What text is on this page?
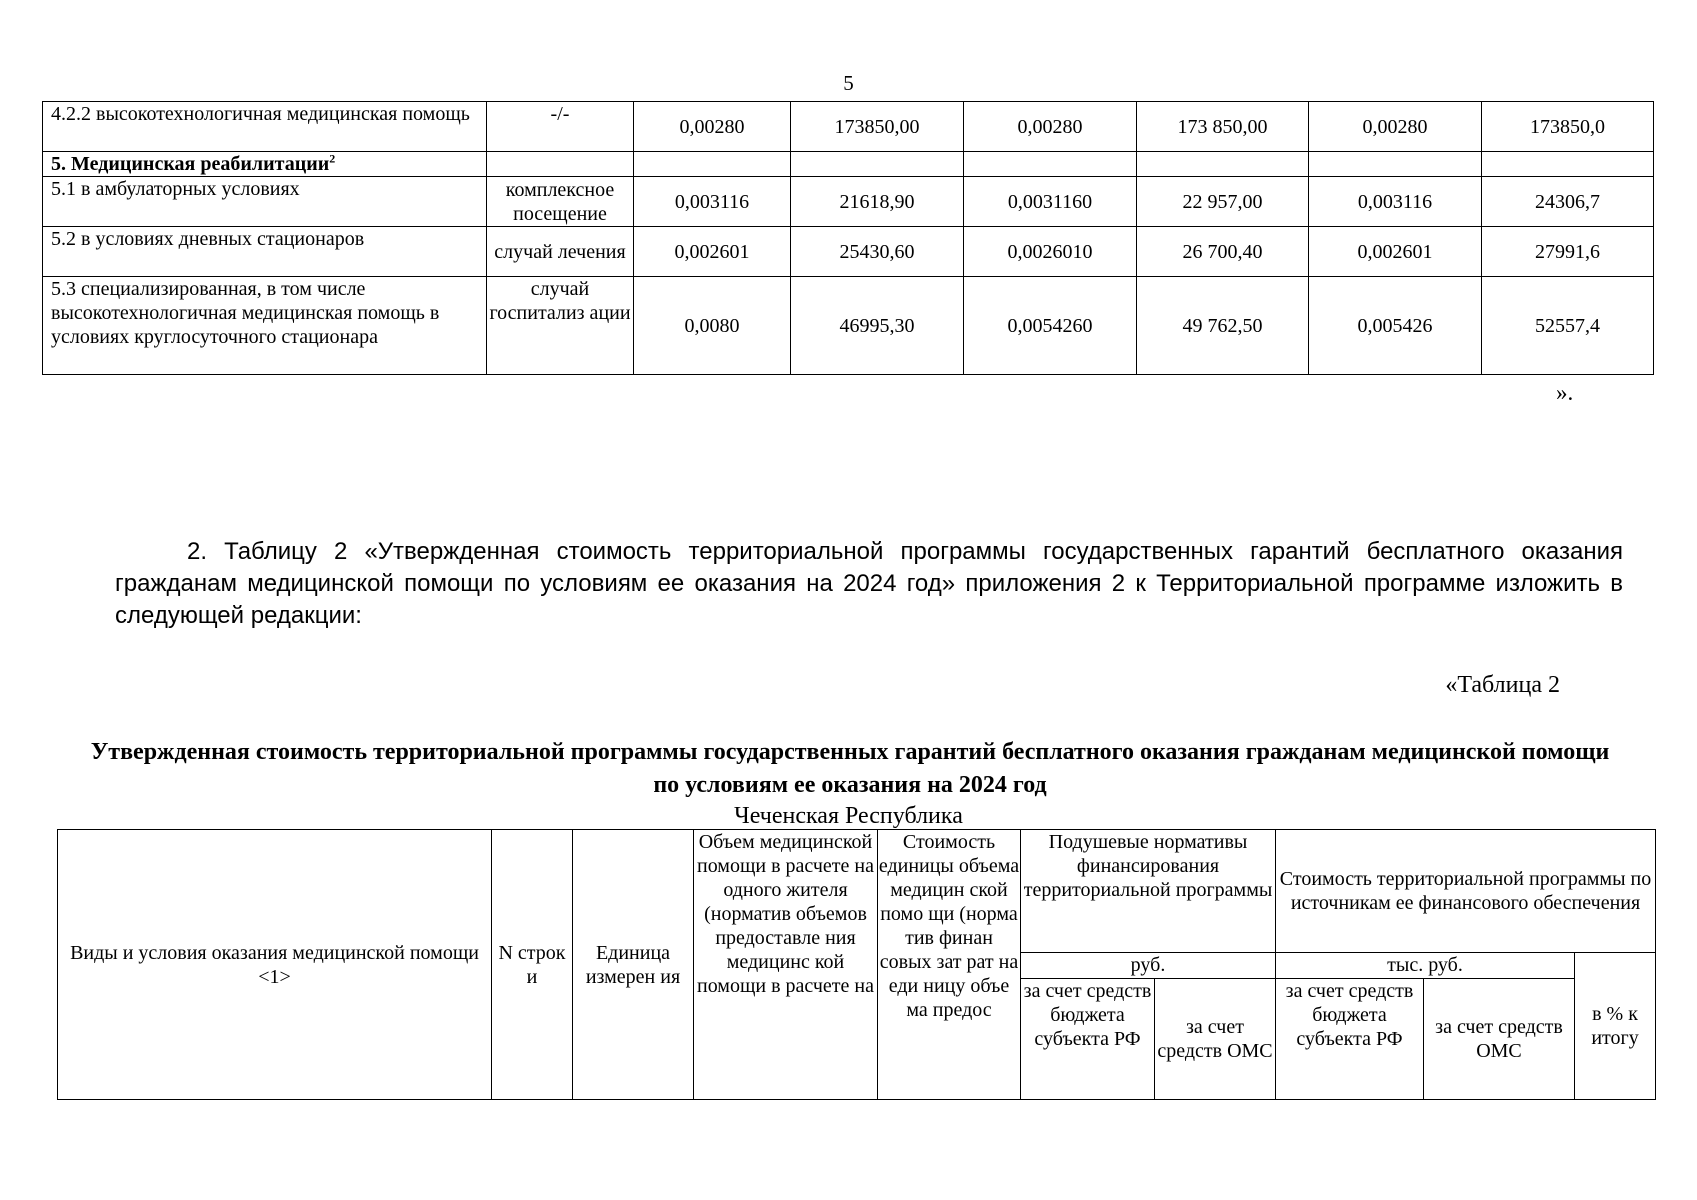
5
4.2.2 высокотехнологичная медицинская помощь	-/-	0,00280	173850,00	0,00280	173 850,00	0,00280	173850,0
5. Медицинская реабилитации$^2$							
5.1 в амбулаторных условиях	комплексное посещение	0,003116	21618,90	0,0031160	22 957,00	0,003116	24306,7
5.2 в условиях дневных стационаров	случай лечения	0,002601	25430,60	0,0026010	26 700,40	0,002601	27991,6
5.3 специализированная, в том числе высокотехнологичная медицинская помощь в условиях круглосуточного стационара	случай госпитализ ации	0,0080	46995,30	0,0054260	49 762,50	0,005426	52557,4
».
2. Таблицу 2 «Утвержденная стоимость территориальной программы государственных гарантий бесплатного оказания гражданам медицинской помощи по условиям ее оказания на 2024 год» приложения 2 к Территориальной программе изложить в следующей редакции:
«Таблица 2
Утвержденная стоимость территориальной программы государственных гарантий бесплатного оказания гражданам медицинской помощи по условиям ее оказания на 2024 год
Чеченская Республика
Виды и условия оказания медицинской помощи <1>	N строк и	Единица измерен ия	Объем медицинской помощи в расчете на одного жителя (норматив объемов предоставле ния медицинс кой помощи в расчете на	Стоимость единицы объема медицин ской помо щи (норма тив финан совых зат рат на еди ницу объе ма предос	Подушевые нормативы финансирования территориальной программы		Стоимость территориальной программы по источникам ее финансового обеспечения		

					руб.		тыс. руб.		в % к итогу

					за счет средств бюджета субъекта РФ	за счет средств ОМС	за счет средств бюджета субъекта РФ	за счет средств ОМС	
